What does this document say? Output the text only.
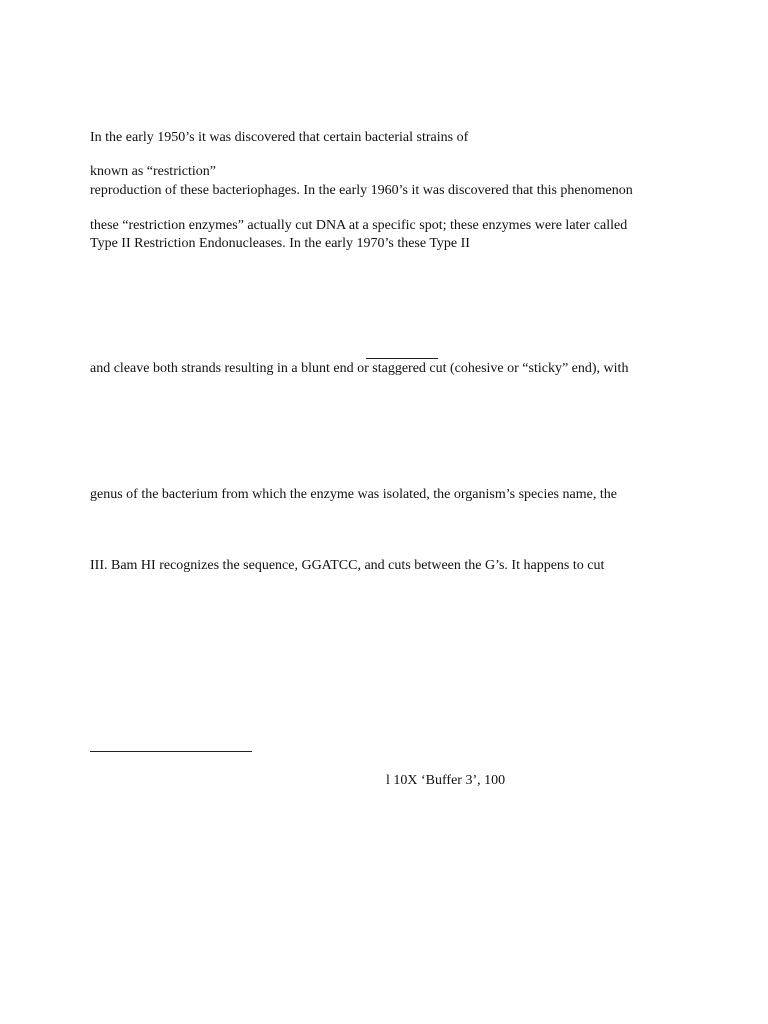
In the early 1950’s it was discovered that certain bacterial strains of
known as “restriction”
reproduction of these bacteriophages. In the early 1960’s it was discovered that this phenomenon
these “restriction enzymes” actually cut DNA at a specific spot; these enzymes were later called
Type II Restriction Endonucleases. In the early 1970’s these Type II
and cleave both strands resulting in a blunt end or staggered cut (cohesive or “sticky” end), with
genus of the bacterium from which the enzyme was isolated, the organism’s species name, the
III. Bam HI recognizes the sequence, GGATCC, and cuts between the G’s. It happens to cut
l 10X ‘Buffer 3’, 100
